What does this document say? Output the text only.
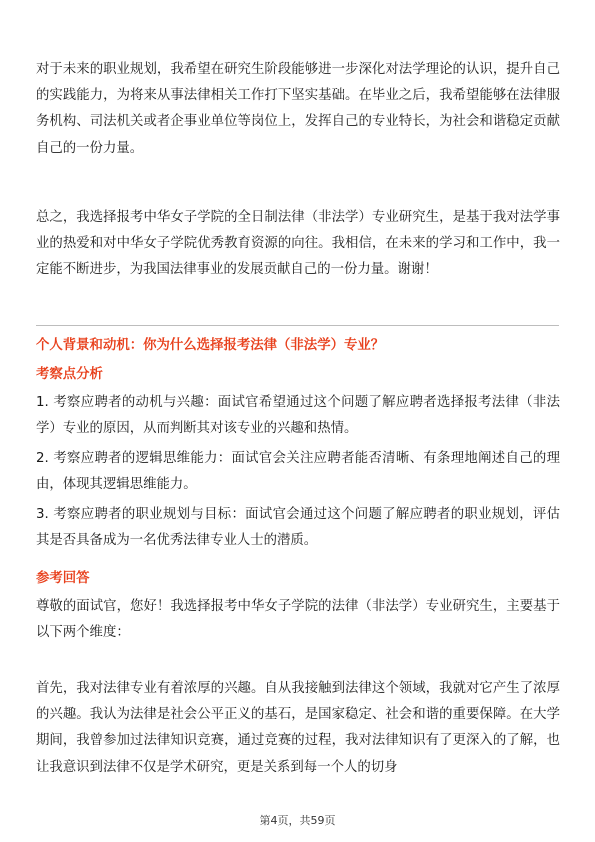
对于未来的职业规划，我希望在研究生阶段能够进一步深化对法学理论的认识，提升自己的实践能力，为将来从事法律相关工作打下坚实基础。在毕业之后，我希望能够在法律服务机构、司法机关或者企事业单位等岗位上，发挥自己的专业特长，为社会和谐稳定贡献自己的一份力量。

总之，我选择报考中华女子学院的全日制法律（非法学）专业研究生，是基于我对法学事业的热爱和对中华女子学院优秀教育资源的向往。我相信，在未来的学习和工作中，我一定能不断进步，为我国法律事业的发展贡献自己的一份力量。谢谢！

个人背景和动机：你为什么选择报考法律（非法学）专业？

考察点分析

1. 考察应聘者的动机与兴趣：面试官希望通过这个问题了解应聘者选择报考法律（非法学）专业的原因，从而判断其对该专业的兴趣和热情。

2. 考察应聘者的逻辑思维能力：面试官会关注应聘者能否清晰、有条理地阐述自己的理由，体现其逻辑思维能力。

3. 考察应聘者的职业规划与目标：面试官会通过这个问题了解应聘者的职业规划，评估其是否具备成为一名优秀法律专业人士的潜质。

参考回答

尊敬的面试官，您好！我选择报考中华女子学院的法律（非法学）专业研究生，主要基于以下两个维度：

首先，我对法律专业有着浓厚的兴趣。自从我接触到法律这个领域，我就对它产生了浓厚的兴趣。我认为法律是社会公平正义的基石，是国家稳定、社会和谐的重要保障。在大学期间，我曾参加过法律知识竞赛，通过竞赛的过程，我对法律知识有了更深入的了解，也让我意识到法律不仅是学术研究，更是关系到每一个人的切身

第4页，共59页
